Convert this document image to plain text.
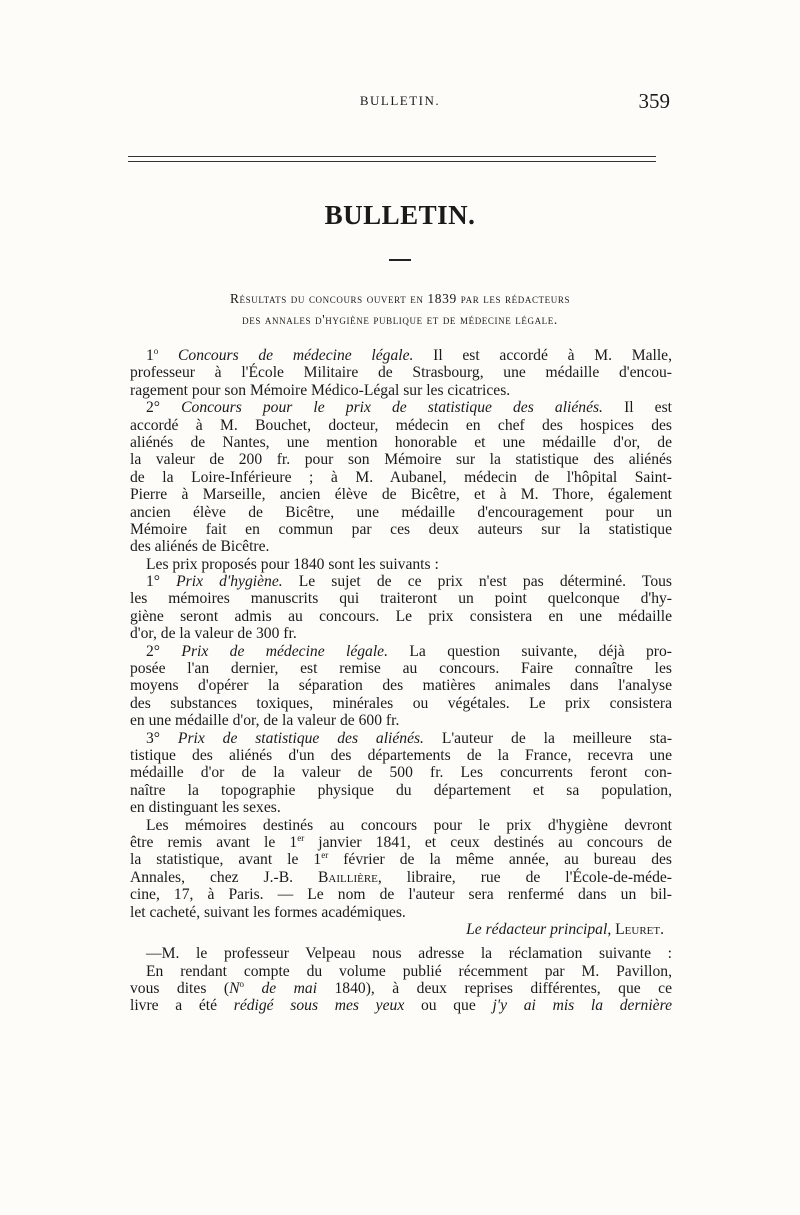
BULLETIN.	359
BULLETIN.
Résultats du concours ouvert en 1839 par les rédacteurs
des annales d'hygiène publique et de médecine légale.
1$^o$ Concours de médecine légale. Il est accordé à M. Malle,
professeur à l'École Militaire de Strasbourg, une médaille d'encou-
ragement pour son Mémoire Médico-Légal sur les cicatrices.
2° Concours pour le prix de statistique des aliénés. Il est
accordé à M. Bouchet, docteur, médecin en chef des hospices des
aliénés de Nantes, une mention honorable et une médaille d'or, de
la valeur de 200 fr. pour son Mémoire sur la statistique des aliénés
de la Loire-Inférieure ; à M. Aubanel, médecin de l'hôpital Saint-
Pierre à Marseille, ancien élève de Bicêtre, et à M. Thore, également
ancien élève de Bicêtre, une médaille d'encouragement pour un
Mémoire fait en commun par ces deux auteurs sur la statistique
des aliénés de Bicêtre.
Les prix proposés pour 1840 sont les suivants :
1° Prix d'hygiène. Le sujet de ce prix n'est pas déterminé. Tous
les mémoires manuscrits qui traiteront un point quelconque d'hy-
giène seront admis au concours. Le prix consistera en une médaille
d'or, de la valeur de 300 fr.
2° Prix de médecine légale. La question suivante, déjà pro-
posée l'an dernier, est remise au concours. Faire connaître les
moyens d'opérer la séparation des matières animales dans l'analyse
des substances toxiques, minérales ou végétales. Le prix consistera
en une médaille d'or, de la valeur de 600 fr.
3° Prix de statistique des aliénés. L'auteur de la meilleure sta-
tistique des aliénés d'un des départements de la France, recevra une
médaille d'or de la valeur de 500 fr. Les concurrents feront con-
naître la topographie physique du département et sa population,
en distinguant les sexes.
Les mémoires destinés au concours pour le prix d'hygiène devront
être remis avant le 1er janvier 1841, et ceux destinés au concours de
la statistique, avant le 1er février de la même année, au bureau des
Annales, chez J.-B. Baillière, libraire, rue de l'École-de-méde-
cine, 17, à Paris. — Le nom de l'auteur sera renfermé dans un bil-
let cacheté, suivant les formes académiques.
Le rédacteur principal, Leuret.
—M. le professeur Velpeau nous adresse la réclamation suivante :
En rendant compte du volume publié récemment par M. Pavillon,
vous dites ($N^o$ de mai 1840), à deux reprises différentes, que ce
livre a été rédigé sous mes yeux ou que j'y ai mis la dernière
